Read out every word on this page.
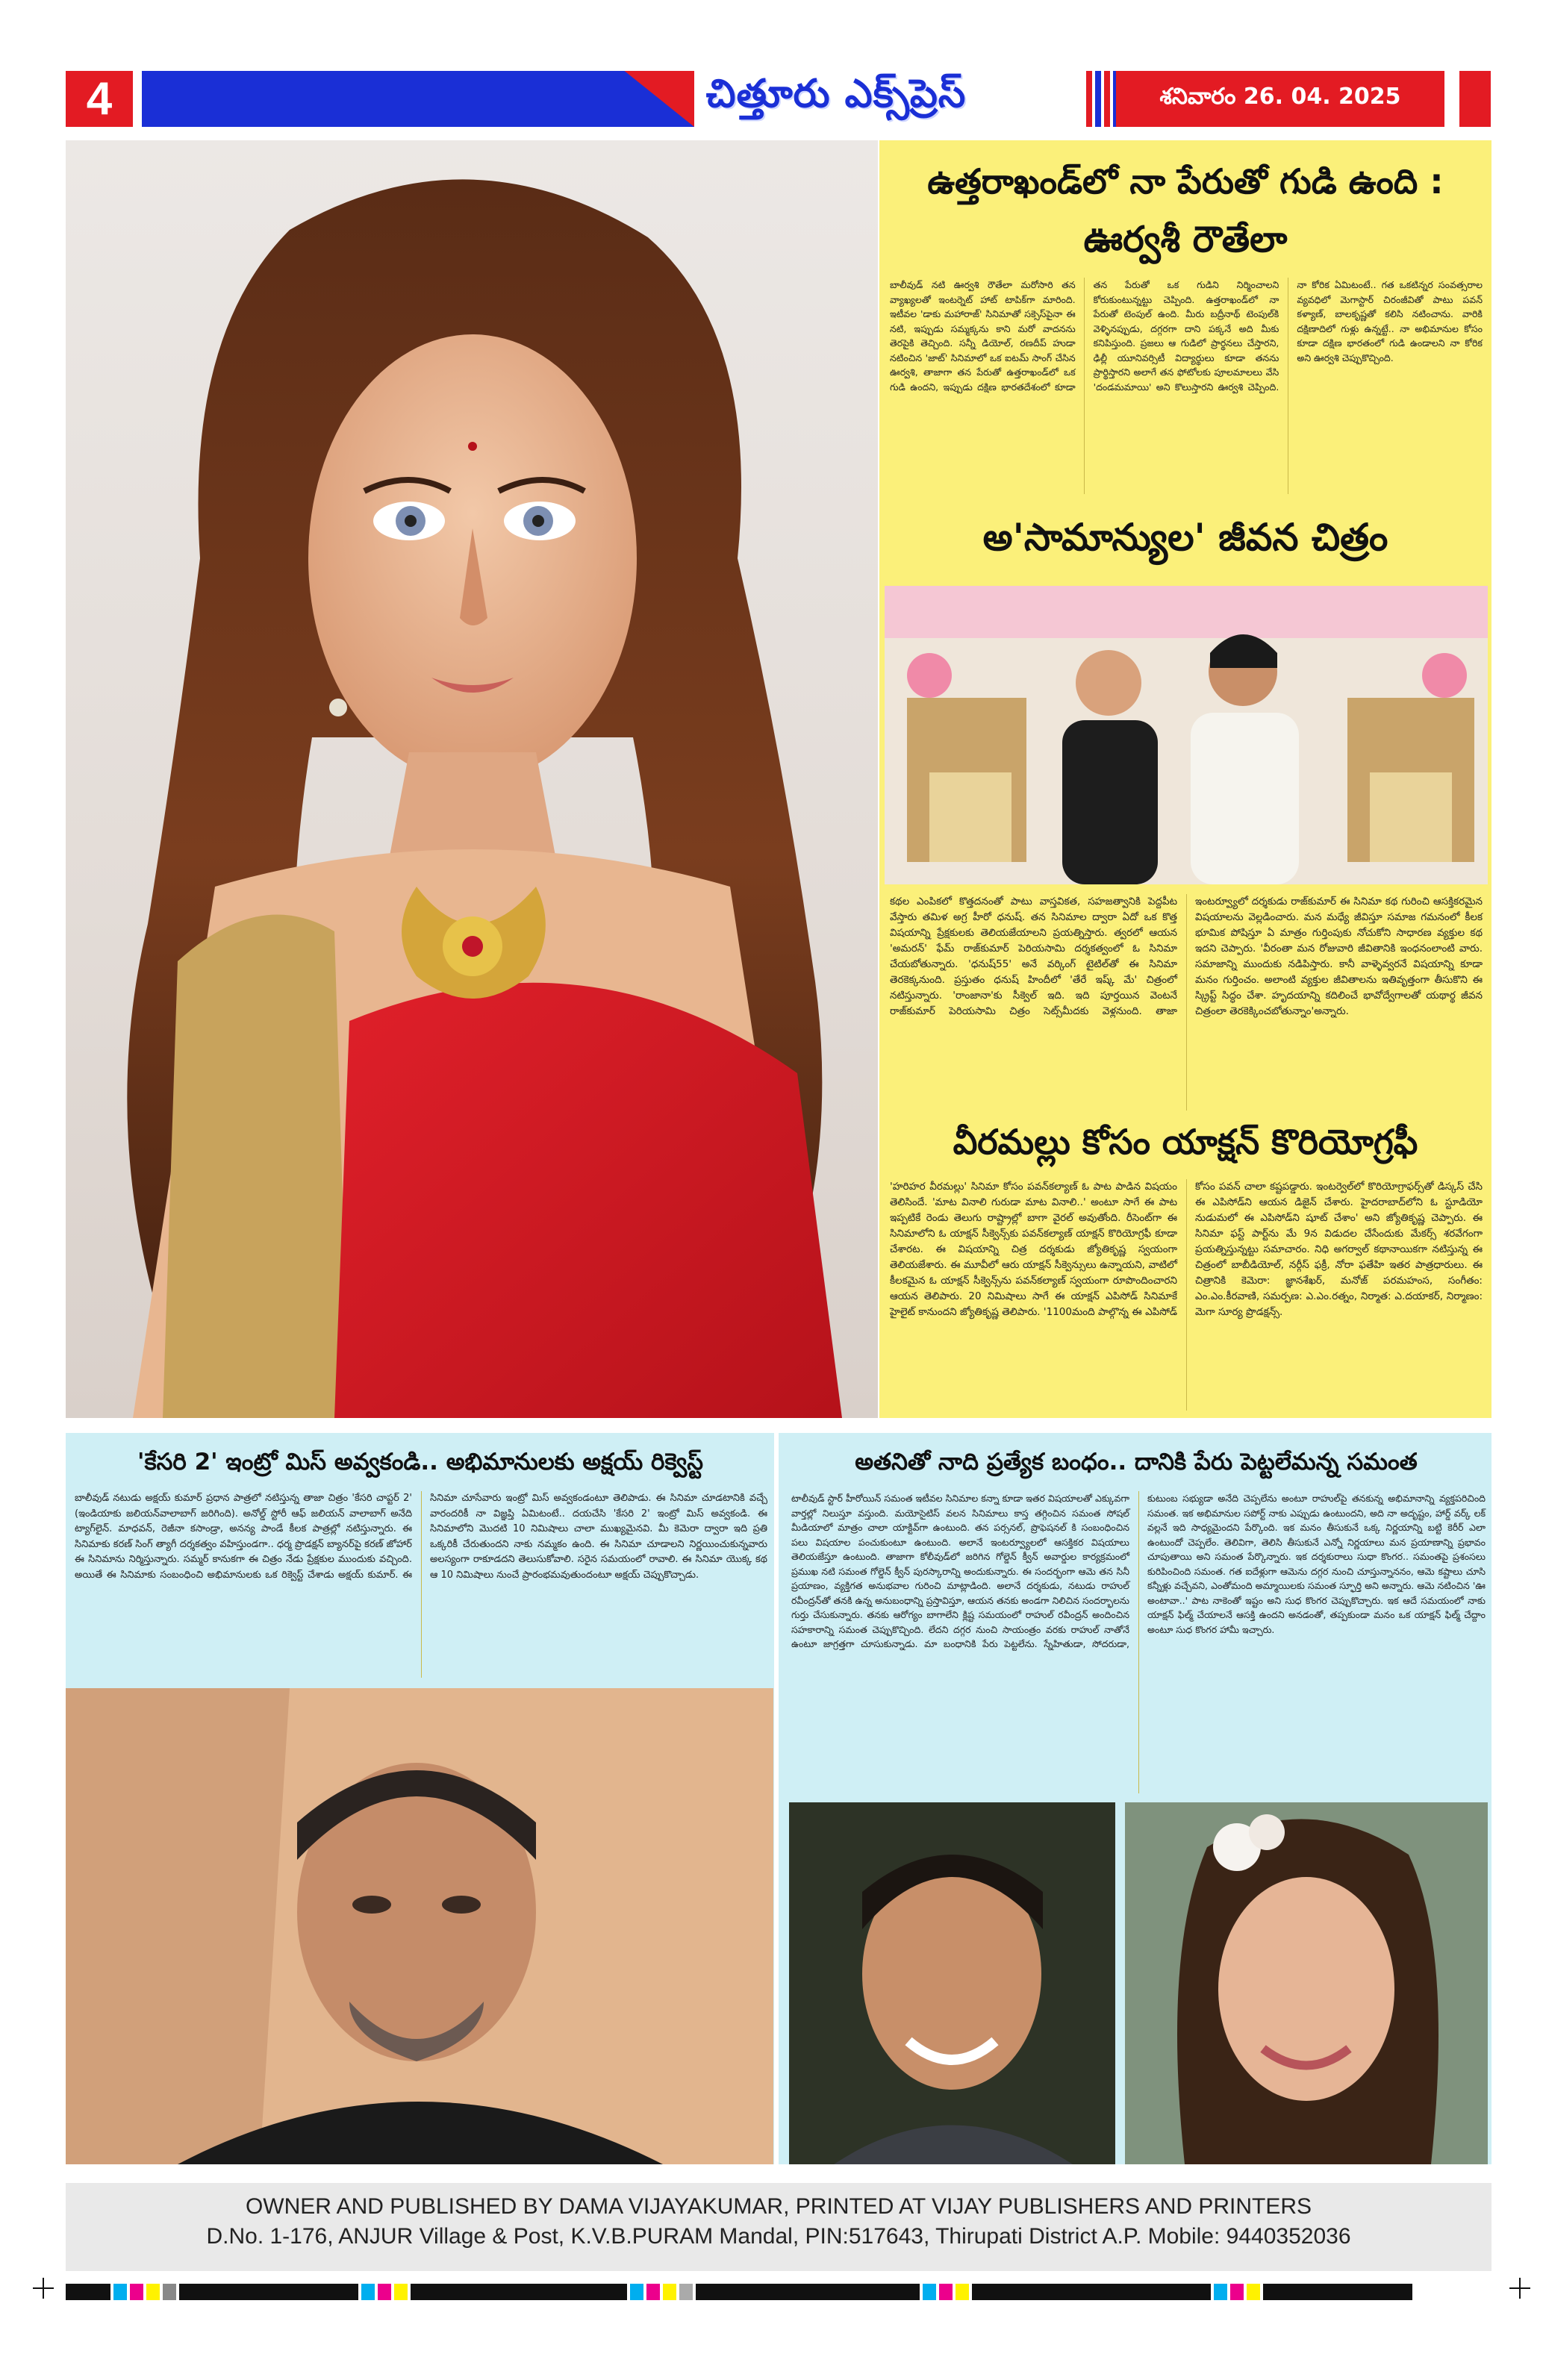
4	చిత్తూరు ఎక్స్‌ప్రెస్	శనివారం 26. 04. 2025
ఉత్తరాఖండ్‌లో నా పేరుతో గుడి ఉంది :
ఊర్వశీ రౌతేలా
బాలీవుడ్ నటి ఊర్వశి రౌతేలా మరోసారి తన వ్యాఖ్యలతో ఇంటర్నెట్ హాట్ టాపిక్‌గా మారింది. ఇటీవల 'డాకు మహారాజ్' సినిమాతో సక్సెస్‌పైనా ఈ నటి, ఇప్పుడు సమ్మక్కను కాని మరో వాదనను తెరపైకి తెచ్చింది. సన్నీ డియోల్, రణదీప్ హుడా నటించిన 'జాట్' సినిమాలో ఒక ఐటమ్ సాంగ్ చేసిన ఊర్వశి, తాజాగా తన పేరుతో ఉత్తరాఖండ్‌లో ఒక గుడి ఉందని, ఇప్పుడు దక్షిణ భారతదేశంలో కూడా తన పేరుతో ఒక గుడిని నిర్మించాలని కోరుకుంటున్నట్టు చెప్పింది. ఉత్తరాఖండ్‌లో నా పేరుతో టెంపుల్ ఉంది. మీరు బద్రీనాథ్ టెంపుల్‌కి వెళ్ళినప్పుడు, దగ్గరగా దాని పక్కనే అది మీకు కనిపిస్తుంది. ప్రజలు ఆ గుడిలో ప్రార్థనలు చేస్తారని, ఢిల్లీ యూనివర్సిటీ విద్యార్థులు కూడా తనను ప్రార్థిస్తారని అలాగే తన ఫోటోలకు పూలమాలలు వేసి 'దండమమాయి' అని కొలుస్తారని ఊర్వశి చెప్పింది. నా కోరిక ఏమిటంటే.. గత ఒకటిన్నర సంవత్సరాల వ్యవధిలో మెగాస్టార్ చిరంజీవితో పాటు పవన్ కళ్యాణ్, బాలకృష్ణతో కలిసి నటించాను. వారికి దక్షిణాదిలో గుళ్లు ఉన్నట్టే.. నా అభిమానుల కోసం కూడా దక్షిణ భారతంలో గుడి ఉండాలని నా కోరిక అని ఊర్వశి చెప్పుకొచ్చింది.
అ'సామాన్యుల' జీవన చిత్రం
కథల ఎంపికలో కొత్తదనంతో పాటు వాస్తవికత, సహజత్వానికి పెద్దపీట వేస్తారు తమిళ అగ్ర హీరో ధనుష్. తన సినిమాల ద్వారా ఏదో ఒక కొత్త విషయాన్ని ప్రేక్షకులకు తెలియజేయాలని ప్రయత్నిస్తారు. త్వరలో ఆయన 'అమరన్' ఫేమ్ రాజ్‌కుమార్ పెరియసామి దర్శకత్వంలో ఓ సినిమా చేయబోతున్నారు. 'ధనుష్55' అనే వర్కింగ్ టైటిల్‌తో ఈ సినిమా తెరకెక్కనుంది. ప్రస్తుతం ధనుష్ హిందీలో 'తేరే ఇష్క్ మే' చిత్రంలో నటిస్తున్నారు. 'రాంజానా'కు సీక్వెల్ ఇది. ఇది పూర్తయిన వెంటనే రాజ్‌కుమార్ పెరియసామి చిత్రం సెట్స్‌మీదకు వెళ్లనుంది. తాజా ఇంటర్వ్యూలో దర్శకుడు రాజ్‌కుమార్ ఈ సినిమా కథ గురించి ఆసక్తికరమైన విషయాలను వెల్లడించారు. మన మధ్యే జీవిస్తూ సమాజ గమనంలో కీలక భూమిక పోషిస్తూ ఏ మాత్రం గుర్తింపుకు నోచుకోని సాధారణ వ్యక్తుల కథ ఇదని చెప్పారు. 'వీరంతా మన రోజువారి జీవితానికి ఇంధనంలాంటి వారు. సమాజాన్ని ముందుకు నడిపిస్తారు. కానీ వాళ్ళెవ్వరనే విషయాన్ని కూడా మనం గుర్తించం. అలాంటి వ్యక్తుల జీవితాలను ఇతివృత్తంగా తీసుకొని ఈ స్క్రిప్ట్ సిద్ధం చేశా. హృదయాన్ని కదిలించే భావోద్వేగాలతో యథార్థ జీవన చిత్రంలా తెరకెక్కించబోతున్నాం'అన్నారు.
వీరమల్లు కోసం యాక్షన్ కొరియోగ్రఫీ
'హరిహర వీరమల్లు' సినిమా కోసం పవన్‌కల్యాణ్ ఓ పాట పాడిన విషయం తెలిసిందే. 'మాట వినాలి గురుడా మాట వినాలి..' అంటూ సాగే ఈ పాట ఇప్పటికే రెండు తెలుగు రాష్ట్రాల్లో బాగా వైరల్ అవుతోంది. రీసెంట్‌గా ఈ సినిమాలోని ఓ యాక్షన్ సీక్వెన్స్‌కు పవన్‌కల్యాణ్ యాక్షన్ కొరియోగ్రఫీ కూడా చేశారట. ఈ విషయాన్ని చిత్ర దర్శకుడు జ్యోతికృష్ణ స్వయంగా తెలియజేశారు. ఈ మూవీలో ఆరు యాక్షన్ సీక్వెన్సులు ఉన్నాయని, వాటిలో కీలకమైన ఓ యాక్షన్ సీక్వెన్స్‌ను పవన్‌కల్యాణ్ స్వయంగా రూపొందించారని ఆయన తెలిపారు. 20 నిమిషాలు సాగే ఈ యాక్షన్ ఎపిసోడ్ సినిమాకే హైలైట్ కానుందని జ్యోతికృష్ణ తెలిపారు. '1100మంది పాల్గొన్న ఈ ఎపిసోడ్ కోసం పవన్ చాలా కష్టపడ్డారు. ఇంటర్వెల్‌లో కొరియోగ్రాఫర్స్‌తో డిస్కస్ చేసి ఈ ఎపిసోడ్‌ని ఆయన డిజైన్ చేశారు. హైదరాబాద్‌లోని ఓ స్టూడియో నుడుమలో ఈ ఎపిసోడ్‌ని షూట్ చేశాం' అని జ్యోతికృష్ణ చెప్పారు. ఈ సినిమా ఫస్ట్ పార్ట్‌ను మే 9న విడుదల చేసేందుకు మేకర్స్ శరవేగంగా ప్రయత్నిస్తున్నట్టు సమాచారం. నిధి అగర్వాల్ కథానాయికగా నటిస్తున్న ఈ చిత్రంలో బాబీడియోల్, నర్గీస్ ఫక్రీ, నోరా ఫతేహి ఇతర పాత్రధారులు. ఈ చిత్రానికి కెమెరా: జ్ఞానశేఖర్, మనోజ్ పరమహంస, సంగీతం: ఎం.ఎం.కీరవాణి, సమర్పణ: ఎ.ఎం.రత్నం, నిర్మాత: ఎ.దయాకర్, నిర్మాణం: మెగా సూర్య ప్రొడక్షన్స్.
'కేసరి 2' ఇంట్రో మిస్ అవ్వకండి.. అభిమానులకు అక్షయ్ రిక్వెస్ట్
బాలీవుడ్ నటుడు అక్షయ్ కుమార్ ప్రధాన పాత్రలో నటిస్తున్న తాజా చిత్రం 'కేసరి చాప్టర్ 2' (ఇండియాకు జలియన్‌వాలాబాగ్ జరిగింది). అనోల్డ్ స్టోరీ ఆఫ్ జలియన్ వాలాబాగ్ అనేది ట్యాగ్‌లైన్. మాధవన్, రెజీనా కసాండ్రా, అనన్య పాండే కీలక పాత్రల్లో నటిస్తున్నారు. ఈ సినిమాకు కరణ్ సింగ్ త్యాగీ దర్శకత్వం వహిస్తుండగా.. ధర్మ ప్రొడక్షన్ బ్యానర్‌పై కరణ్ జోహార్ ఈ సినిమాను నిర్మిస్తున్నారు. సమ్మర్ కానుకగా ఈ చిత్రం నేడు ప్రేక్షకుల ముందుకు వచ్చింది. అయితే ఈ సినిమాకు సంబంధించి అభిమానులకు ఒక రిక్వెస్ట్ చేశాడు అక్షయ్ కుమార్. ఈ సినిమా చూసేవారు ఇంట్రో మిస్ అవ్వకండంటూ తెలిపాడు. ఈ సినిమా చూడటానికి వచ్చే వారందరికీ నా విజ్ఞప్తి ఏమిటంటే.. దయచేసి 'కేసరి 2' ఇంట్రో మిస్ అవ్వకండి. ఈ సినిమాలోని మొదటి 10 నిమిషాలు చాలా ముఖ్యమైనవి. మీ కెమెరా ద్వారా ఇది ప్రతి ఒక్కరికీ చేరుతుందని నాకు నమ్మకం ఉంది. ఈ సినిమా చూడాలని నిర్ణయించుకున్నవారు అలస్యంగా రాకూడదని తెలుసుకోవాలి. సరైన సమయంలో రావాలి. ఈ సినిమా యొక్క కథ ఆ 10 నిమిషాలు నుంచే ప్రారంభమవుతుందంటూ అక్షయ్ చెప్పుకొచ్చాడు.
అతనితో నాది ప్రత్యేక బంధం.. దానికి పేరు పెట్టలేమన్న సమంత
టాలీవుడ్ స్టార్ హీరోయిన్ సమంత ఇటీవల సినిమాల కన్నా కూడా ఇతర విషయాలతో ఎక్కువగా వార్తల్లో నిలుస్తూ వస్తుంది. మయోసైటిస్ వలన సినిమాలు కాస్త తగ్గించిన సమంత సోషల్ మీడియాలో మాత్రం చాలా యాక్టివ్‌గా ఉంటుంది. తన పర్సనల్, ప్రొఫెషనల్ కి సంబంధించిన పలు విషయాల పంచుకుంటూ ఉంటుంది. అలానే ఇంటర్వ్యూలలో ఆసక్తికర విషయాలు తెలియజేస్తూ ఉంటుంది. తాజాగా కోలీవుడ్‌లో జరిగిన గోల్డెన్ క్వీన్ అవార్డుల కార్యక్రమంలో ప్రముఖ నటి సమంత గోల్డెన్ క్వీన్ పురస్కారాన్ని అందుకున్నారు. ఈ సందర్భంగా ఆమె తన సినీ ప్రయాణం, వ్యక్తిగత అనుభవాల గురించి మాట్లాడింది. అలానే దర్శకుడు, నటుడు రాహుల్ రవీంద్రన్‌తో తనకి ఉన్న అనుబంధాన్ని ప్రస్తావిస్తూ, ఆయన తనకు అండగా నిలిచిన సందర్భాలను గుర్తు చేసుకున్నారు. తనకు ఆరోగ్యం బాగాలేని క్లిష్ట సమయంలో రాహుల్ రవీంద్రన్ అందించిన సహకారాన్ని సమంత చెప్పుకొచ్చింది. లేదని దగ్గర నుంచి సాయంత్రం వరకు రాహుల్ నాతోనే ఉంటూ జాగ్రత్తగా చూసుకున్నాడు. మా బంధానికి పేరు పెట్టలేను. స్నేహితుడా, సోదరుడా, కుటుంబ సభ్యుడా అనేది చెప్పలేను అంటూ రాహుల్‌పై తనకున్న అభిమానాన్ని వ్యక్తపరిచింది సమంత. ఇక అభిమానుల సపోర్ట్ నాకు ఎప్పుడు ఉంటుందని, అది నా అదృష్టం, హార్డ్ వర్క్ లక్ వల్లనే ఇది సాధ్యమైందని పేర్కొంది. ఇక మనం తీసుకునే ఒక్క నిర్ణయాన్ని బట్టి కెరీర్ ఎలా ఉంటుందో చెప్పలేం. తెలివిగా, తెలిసి తీసుకునే ఎన్నో నిర్ణయాలు మన ప్రయాణాన్ని ప్రభావం చూపుతాయి అని సమంత పేర్కొన్నారు. ఇక దర్శకురాలు సుధా కొంగర.. సమంతపై ప్రశంసలు కురిపించింది సమంత. గత ఐదేళ్లుగా ఆమెను దగ్గర నుంచి చూస్తున్నాననం, ఆమె కష్టాలు చూసి కన్నీళ్లు వచ్చేవని, ఎంతోమంది అమ్మాయిలకు సమంత స్ఫూర్తి అని అన్నారు. ఆమె నటించిన 'ఊ అంటావా..' పాట నాకెంతో ఇష్టం అని సుధ కొంగర చెప్పుకొచ్చారు. ఇక ఆదే సమయంలో నాకు యాక్షన్ ఫిల్మ్ చేయాలనే ఆసక్తి ఉందని అనడంతో, తప్పకుండా మనం ఒక యాక్షన్ ఫిల్మ్ చేద్దాం అంటూ సుధ కొంగర హామీ ఇచ్చారు.
OWNER AND PUBLISHED BY DAMA VIJAYAKUMAR, PRINTED AT VIJAY PUBLISHERS AND PRINTERS
D.No. 1-176, ANJUR Village & Post, K.V.B.PURAM Mandal, PIN:517643, Thirupati District A.P. Mobile: 9440352036
